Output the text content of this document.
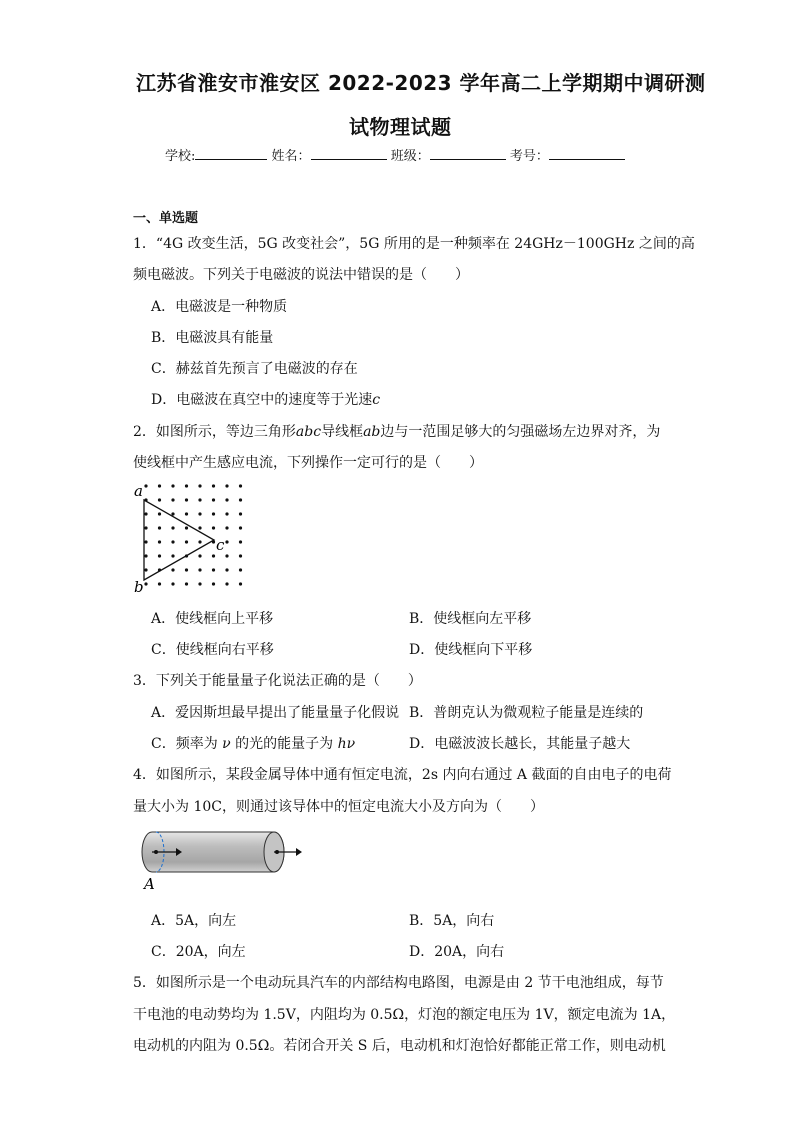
江苏省淮安市淮安区 2022-2023 学年高二上学期期中调研测
试物理试题
学校:	姓名：	班级：	考号：
一、单选题
1．“4G 改变生活，5G 改变社会”，5G 所用的是一种频率在 24GHz－100GHz 之间的高
频电磁波。下列关于电磁波的说法中错误的是（　　）
A．电磁波是一种物质
B．电磁波具有能量
C．赫兹首先预言了电磁波的存在
D．电磁波在真空中的速度等于光速c
2．如图所示，等边三角形abc导线框ab边与一范围足够大的匀强磁场左边界对齐，为
使线框中产生感应电流，下列操作一定可行的是（　　）
a
b
c
A．使线框向上平移	B．使线框向左平移
C．使线框向右平移	D．使线框向下平移
3．下列关于能量量子化说法正确的是（　　）
A．爱因斯坦最早提出了能量量子化假说 B．普朗克认为微观粒子能量是连续的
C．频率为 ν 的光的能量子为 hν	D．电磁波波长越长，其能量子越大
4．如图所示，某段金属导体中通有恒定电流，2s 内向右通过 A 截面的自由电子的电荷
量大小为 10C，则通过该导体中的恒定电流大小及方向为（　　）
A
A．5A，向左	B．5A，向右
C．20A，向左	D．20A，向右
5．如图所示是一个电动玩具汽车的内部结构电路图，电源是由 2 节干电池组成，每节
干电池的电动势均为 1.5V，内阻均为 0.5Ω，灯泡的额定电压为 1V，额定电流为 1A，
电动机的内阻为 0.5Ω。若闭合开关 S 后，电动机和灯泡恰好都能正常工作，则电动机
